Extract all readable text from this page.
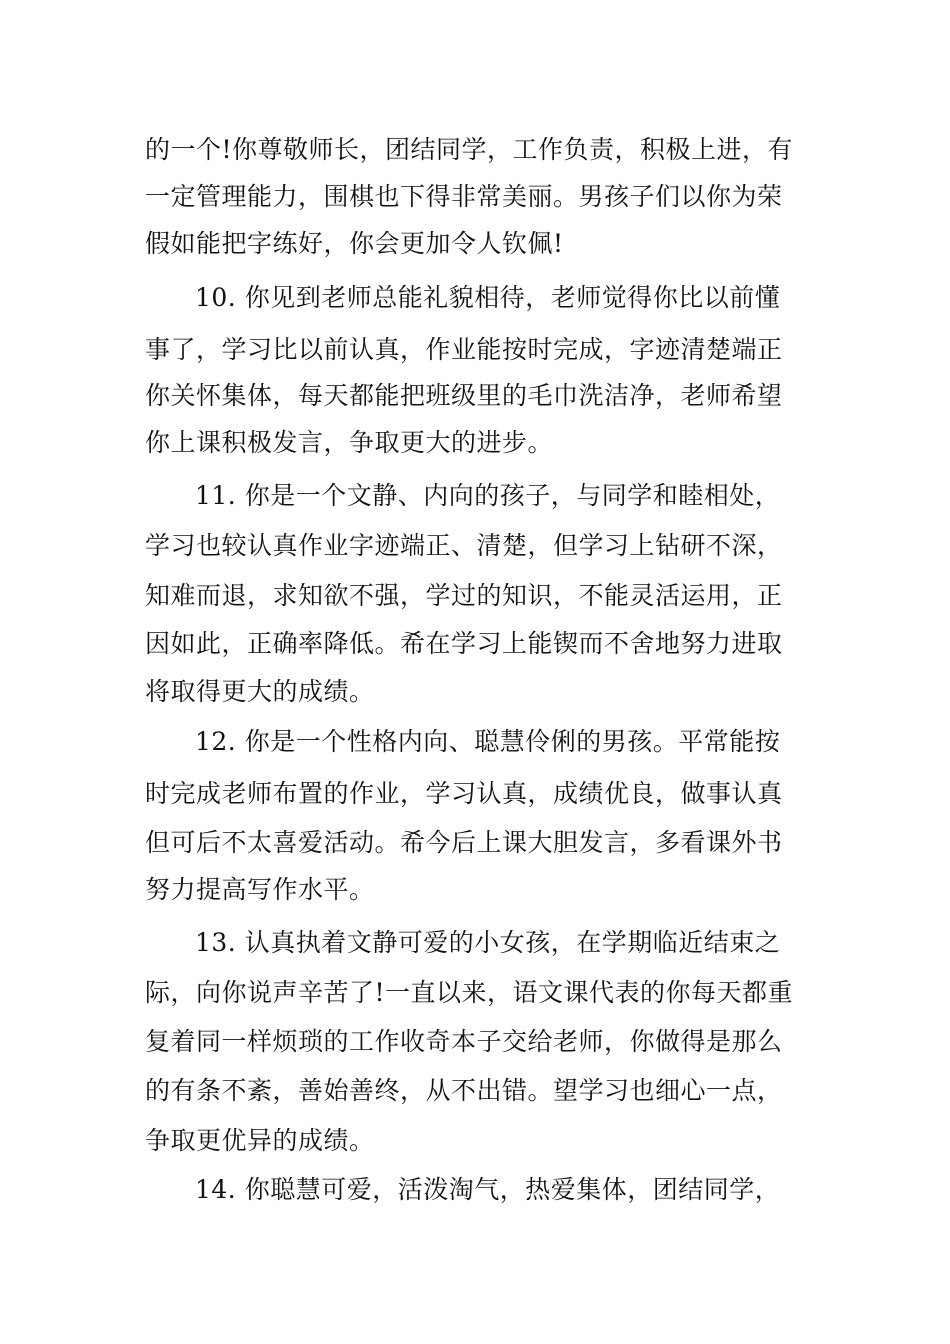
的一个!你尊敬师长，团结同学，工作负责，积极上进，有
一定管理能力，围棋也下得非常美丽。男孩子们以你为荣
假如能把字练好，你会更加令人钦佩!
10. 你见到老师总能礼貌相待，老师觉得你比以前懂
事了，学习比以前认真，作业能按时完成，字迹清楚端正
你关怀集体，每天都能把班级里的毛巾洗洁净，老师希望
你上课积极发言，争取更大的进步。
11. 你是一个文静、内向的孩子，与同学和睦相处，
学习也较认真作业字迹端正、清楚，但学习上钻研不深，
知难而退，求知欲不强，学过的知识，不能灵活运用，正
因如此，正确率降低。希在学习上能锲而不舍地努力进取
将取得更大的成绩。
12. 你是一个性格内向、聪慧伶俐的男孩。平常能按
时完成老师布置的作业，学习认真，成绩优良，做事认真
但可后不太喜爱活动。希今后上课大胆发言，多看课外书
努力提高写作水平。
13. 认真执着文静可爱的小女孩，在学期临近结束之
际，向你说声辛苦了!一直以来，语文课代表的你每天都重
复着同一样烦琐的工作收奇本子交给老师，你做得是那么
的有条不紊，善始善终，从不出错。望学习也细心一点，
争取更优异的成绩。
14. 你聪慧可爱，活泼淘气，热爱集体，团结同学，
